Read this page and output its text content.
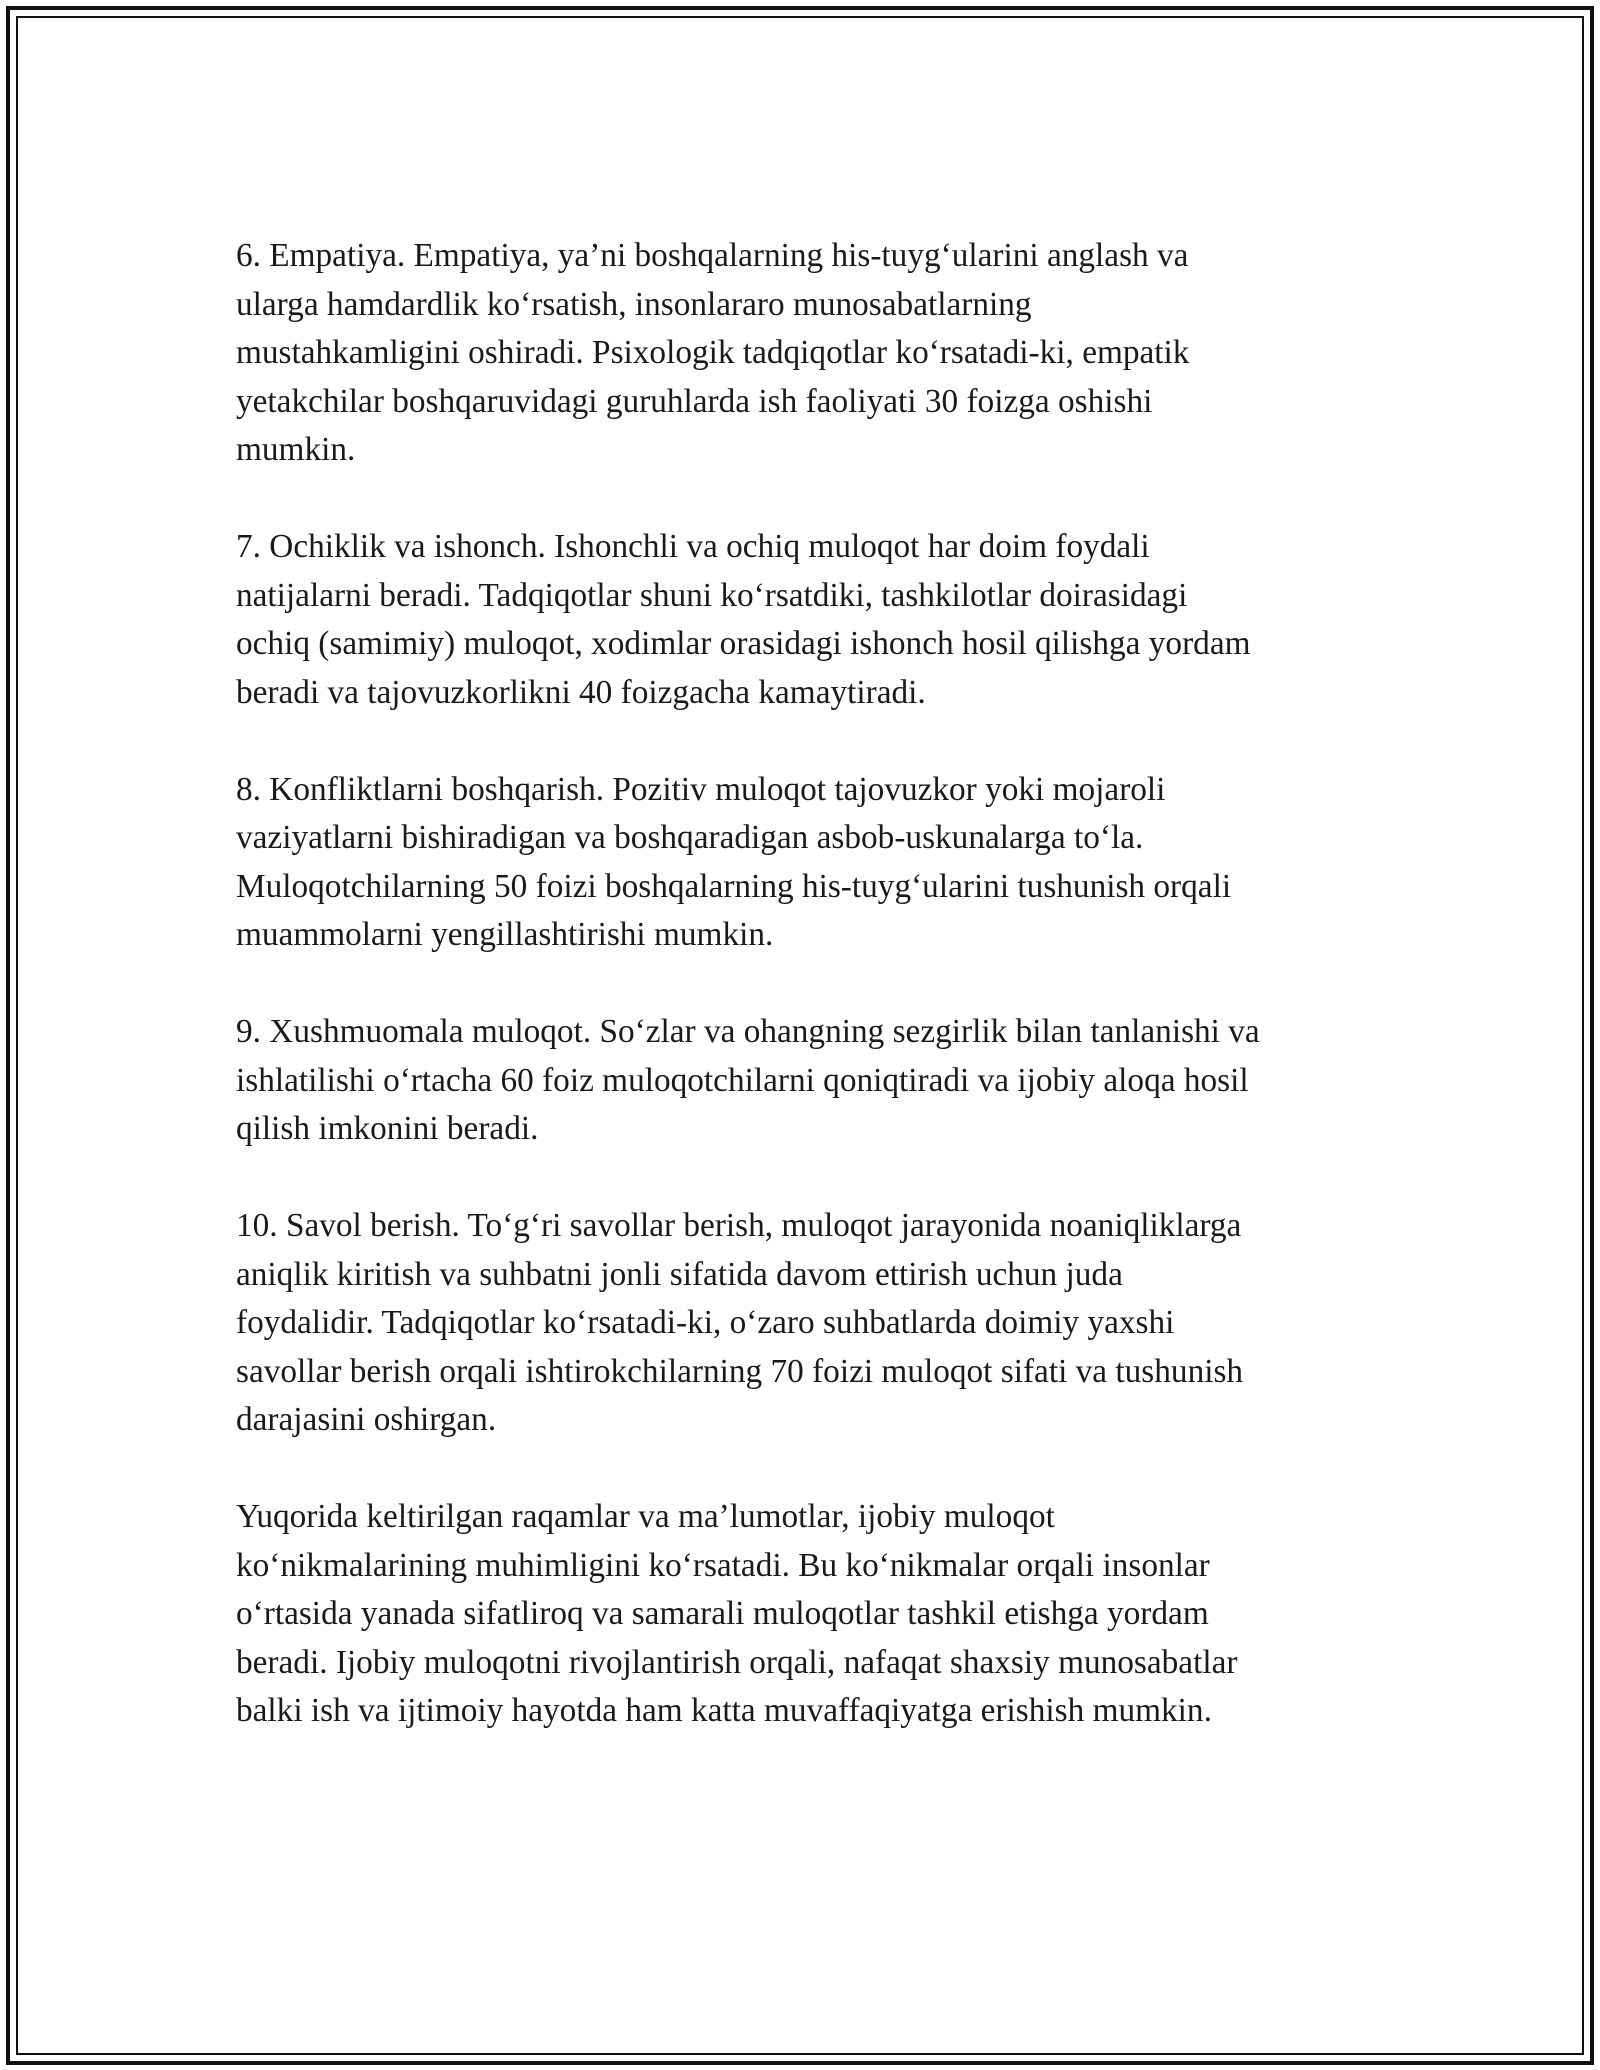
6. Empatiya. Empatiya, ya’ni boshqalarning his-tuyg‘ularini anglash va
ularga hamdardlik ko‘rsatish, insonlararo munosabatlarning
mustahkamligini oshiradi. Psixologik tadqiqotlar ko‘rsatadi-ki, empatik
yetakchilar boshqaruvidagi guruhlarda ish faoliyati 30 foizga oshishi
mumkin.

7. Ochiklik va ishonch. Ishonchli va ochiq muloqot har doim foydali
natijalarni beradi. Tadqiqotlar shuni ko‘rsatdiki, tashkilotlar doirasidagi
ochiq (samimiy) muloqot, xodimlar orasidagi ishonch hosil qilishga yordam
beradi va tajovuzkorlikni 40 foizgacha kamaytiradi.

8. Konfliktlarni boshqarish. Pozitiv muloqot tajovuzkor yoki mojaroli
vaziyatlarni bishiradigan va boshqaradigan asbob-uskunalarga to‘la.
Muloqotchilarning 50 foizi boshqalarning his-tuyg‘ularini tushunish orqali
muammolarni yengillashtirishi mumkin.

9. Xushmuomala muloqot. So‘zlar va ohangning sezgirlik bilan tanlanishi va
ishlatilishi o‘rtacha 60 foiz muloqotchilarni qoniqtiradi va ijobiy aloqa hosil
qilish imkonini beradi.

10. Savol berish. To‘g‘ri savollar berish, muloqot jarayonida noaniqliklarga
aniqlik kiritish va suhbatni jonli sifatida davom ettirish uchun juda
foydalidir. Tadqiqotlar ko‘rsatadi-ki, o‘zaro suhbatlarda doimiy yaxshi
savollar berish orqali ishtirokchilarning 70 foizi muloqot sifati va tushunish
darajasini oshirgan.

Yuqorida keltirilgan raqamlar va ma’lumotlar, ijobiy muloqot
ko‘nikmalarining muhimligini ko‘rsatadi. Bu ko‘nikmalar orqali insonlar
o‘rtasida yanada sifatliroq va samarali muloqotlar tashkil etishga yordam
beradi. Ijobiy muloqotni rivojlantirish orqali, nafaqat shaxsiy munosabatlar
balki ish va ijtimoiy hayotda ham katta muvaffaqiyatga erishish mumkin.
